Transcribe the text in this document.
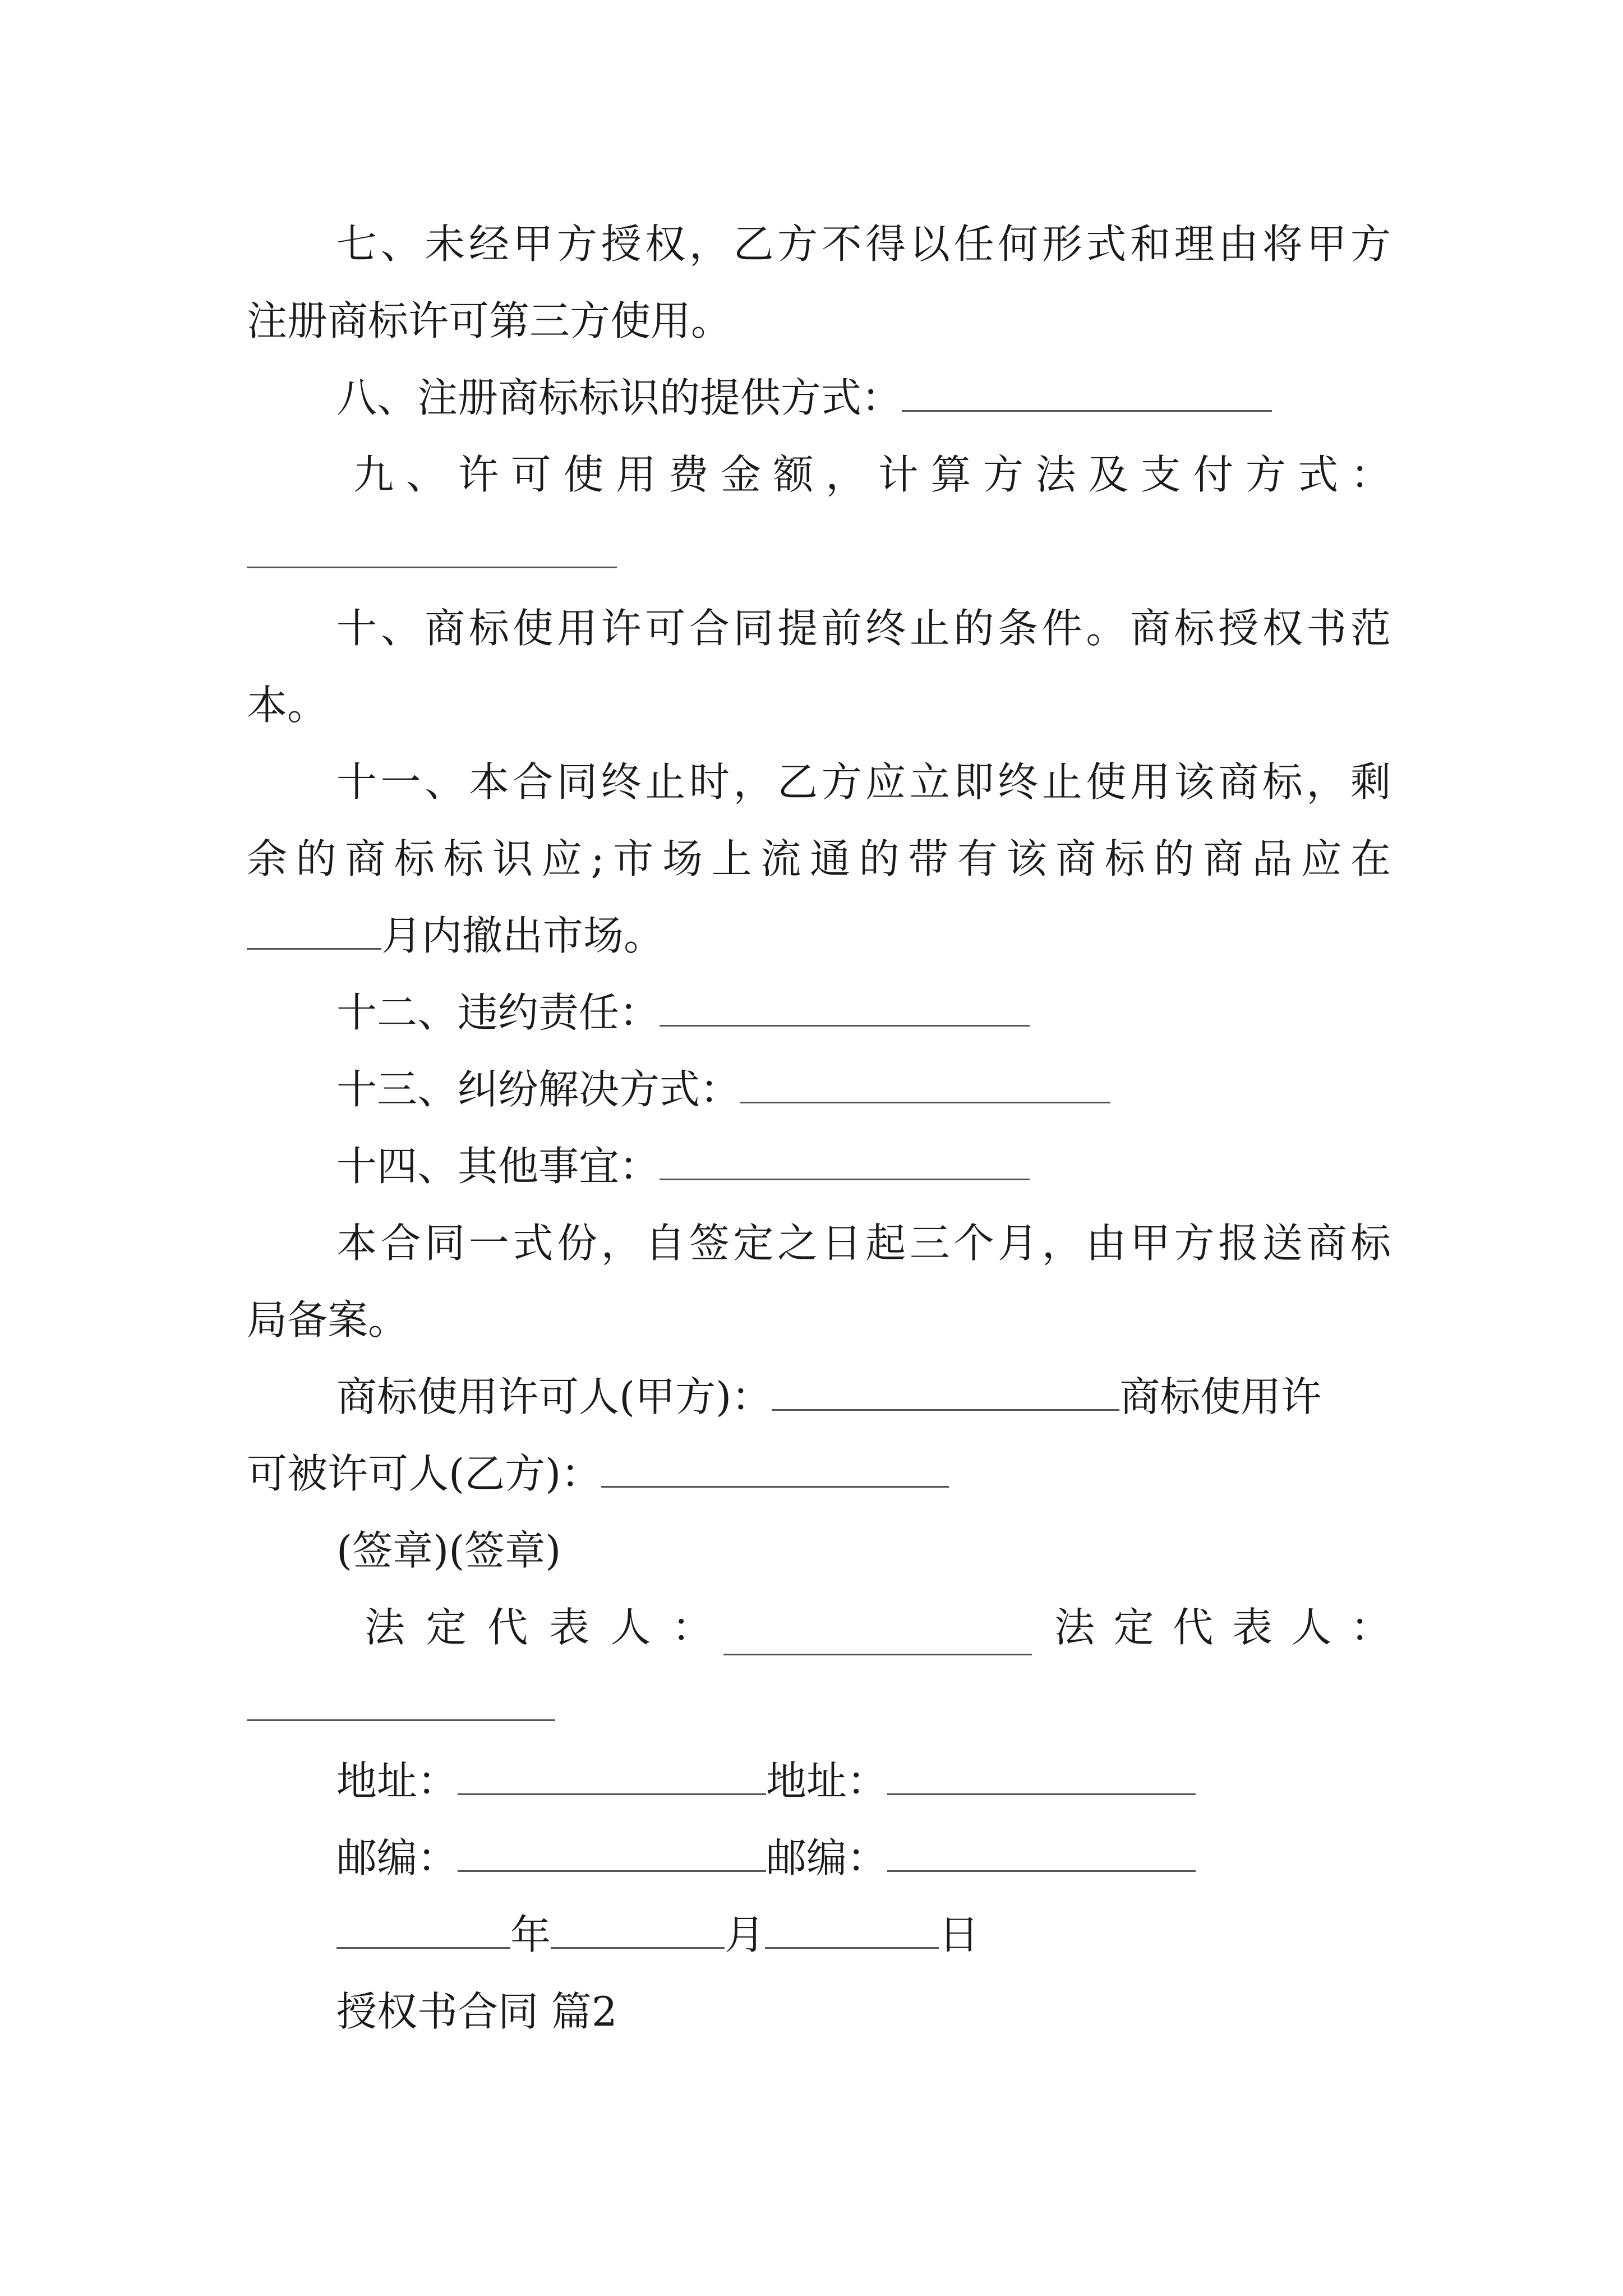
七、未经甲方授权，乙方不得以任何形式和理由将甲方
注册商标许可第三方使用。
八、注册商标标识的提供方式：
九、许可使用费金额，计算方法及支付方式：
十、商标使用许可合同提前终止的条件。商标授权书范
本。
十一、本合同终止时，乙方应立即终止使用该商标，剩
余的商标标识应;市场上流通的带有该商标的商品应在
月内撤出市场。
十二、违约责任：
十三、纠纷解决方式：
十四、其他事宜：
本合同一式份，自签定之日起三个月，由甲方报送商标
局备案。
商标使用许可人(甲方)：	商标使用许
可被许可人(乙方)：
(签章)(签章)
法定代表人：	法定代表人：
地址：	地址：
邮编：	邮编：
年	月	日
授权书合同 篇2
